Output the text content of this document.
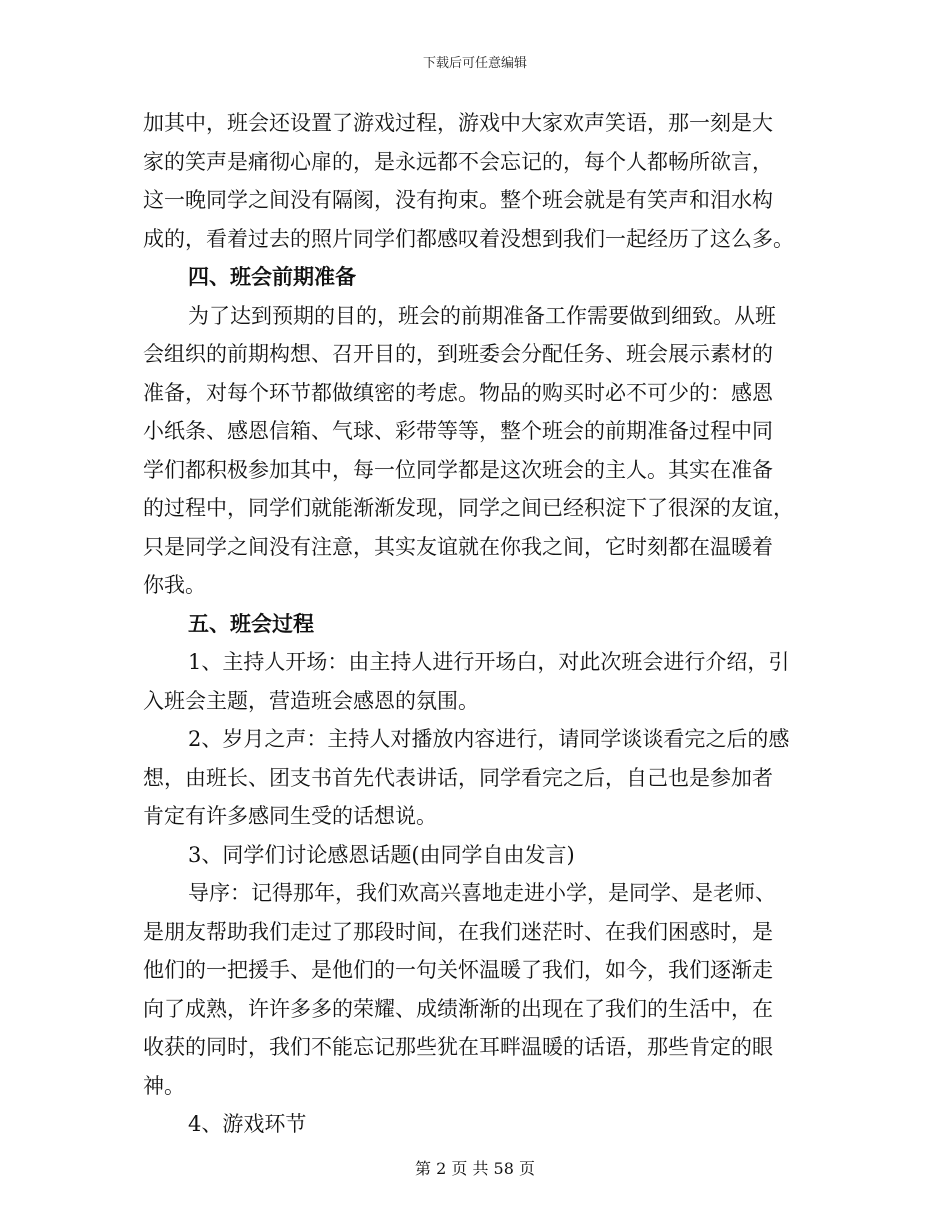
下载后可任意编辑
加其中，班会还设置了游戏过程，游戏中大家欢声笑语，那一刻是大
家的笑声是痛彻心扉的，是永远都不会忘记的，每个人都畅所欲言，
这一晚同学之间没有隔阂，没有拘束。整个班会就是有笑声和泪水构
成的，看着过去的照片同学们都感叹着没想到我们一起经历了这么多。
四、班会前期准备
为了达到预期的目的，班会的前期准备工作需要做到细致。从班
会组织的前期构想、召开目的，到班委会分配任务、班会展示素材的
准备，对每个环节都做缜密的考虑。物品的购买时必不可少的：感恩
小纸条、感恩信箱、气球、彩带等等，整个班会的前期准备过程中同
学们都积极参加其中，每一位同学都是这次班会的主人。其实在准备
的过程中，同学们就能渐渐发现，同学之间已经积淀下了很深的友谊，
只是同学之间没有注意，其实友谊就在你我之间，它时刻都在温暖着
你我。
五、班会过程
1、主持人开场：由主持人进行开场白，对此次班会进行介绍，引
入班会主题，营造班会感恩的氛围。
2、岁月之声：主持人对播放内容进行，请同学谈谈看完之后的感
想，由班长、团支书首先代表讲话，同学看完之后，自己也是参加者
肯定有许多感同生受的话想说。
3、同学们讨论感恩话题(由同学自由发言)
导序：记得那年，我们欢高兴喜地走进小学，是同学、是老师、
是朋友帮助我们走过了那段时间，在我们迷茫时、在我们困惑时，是
他们的一把援手、是他们的一句关怀温暖了我们，如今，我们逐渐走
向了成熟，许许多多的荣耀、成绩渐渐的出现在了我们的生活中，在
收获的同时，我们不能忘记那些犹在耳畔温暖的话语，那些肯定的眼
神。
4、游戏环节
第 2 页 共 58 页
